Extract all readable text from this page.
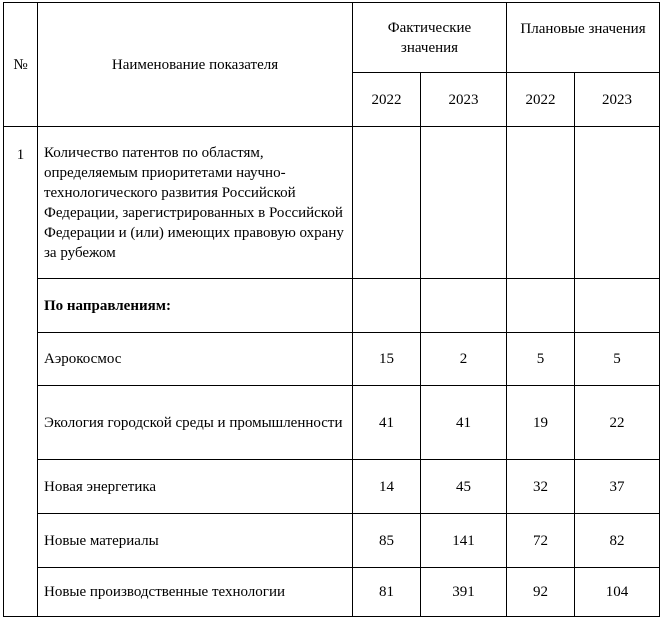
№	Наименование показателя	Фактические значения		Плановые значения	
		2022	2023	2022	2023
1	Количество патентов по областям, определяемым приоритетами научно-технологического развития Российской Федерации, зарегистрированных в Российской Федерации и (или) имеющих правовую охрану за рубежом				
	По направлениям:				
	Аэрокосмос	15	2	5	5
	Экология городской среды и промышленности	41	41	19	22
	Новая энергетика	14	45	32	37
	Новые материалы	85	141	72	82
	Новые производственные технологии	81	391	92	104
